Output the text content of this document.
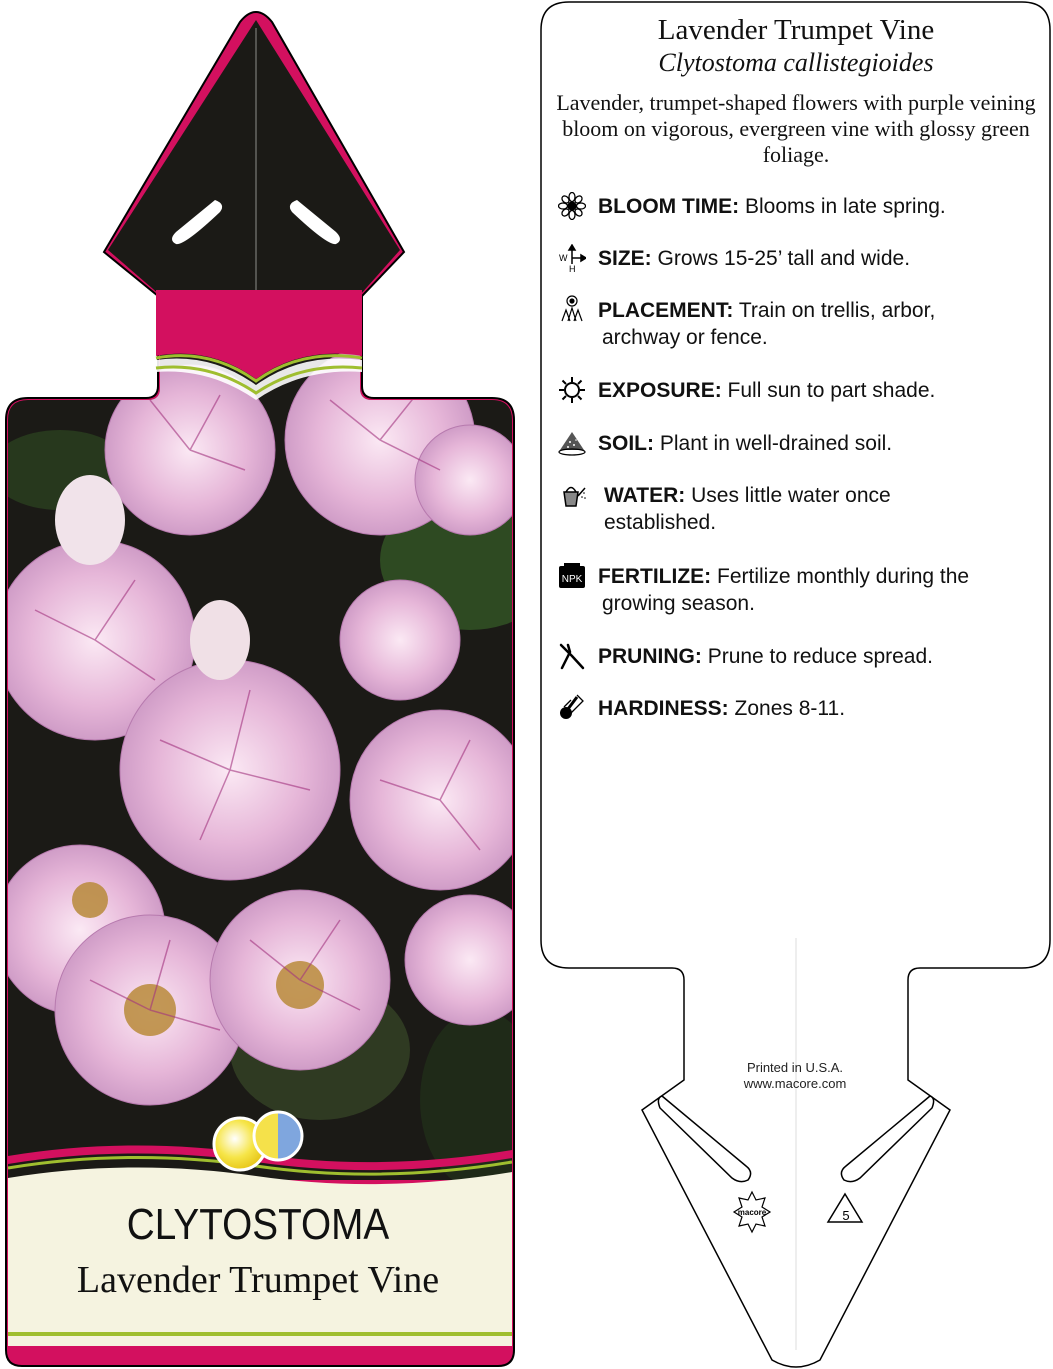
CLYTOSTOMA
Lavender Trumpet Vine
macore	5
Lavender Trumpet Vine
Clytostoma callistegioides
Lavender, trumpet-shaped flowers with purple veining bloom on vigorous, evergreen vine with glossy green foliage.
W
H
NPK
BLOOM TIME: Blooms in late spring.
SIZE: Grows 15-25’ tall and wide.
PLACEMENT: Train on trellis, arbor,
archway or fence.
EXPOSURE: Full sun to part shade.
SOIL: Plant in well-drained soil.
WATER: Uses little water once
established.
FERTILIZE: Fertilize monthly during the
growing season.
PRUNING: Prune to reduce spread.
HARDINESS: Zones 8-11.
Printed in U.S.A.
www.macore.com
